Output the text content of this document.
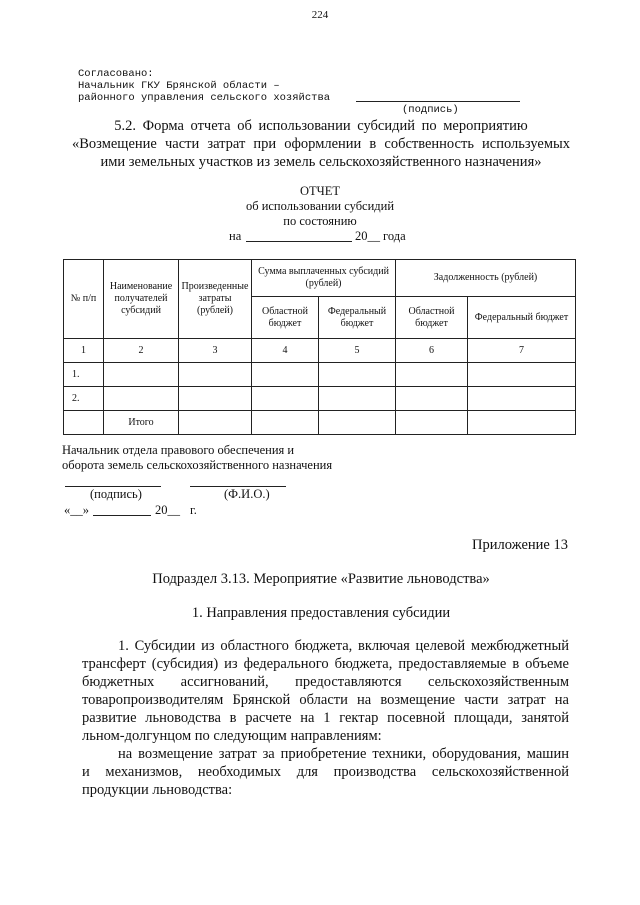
224
Согласовано:
Начальник ГКУ Брянской области –
районного управления сельского хозяйства
(подпись)
5.2. Форма отчета об использовании субсидий по мероприятию
«Возмещение части затрат при оформлении в собственность используемых
ими земельных участков из земель сельскохозяйственного назначения»
ОТЧЕТ
об использовании субсидий
по состоянию
на	20__ года
№ п/п	Наименование получателей субсидий	Произведенные затраты (рублей)	Сумма выплаченных субсидий (рублей)		Задолженность (рублей)	
			Областной бюджет	Федеральный бюджет	Областной бюджет	Федеральный бюджет
1	2	3	4	5	6	7
1.						
2.						
	Итого					
Начальник отдела правового обеспечения и
оборота земель сельскохозяйственного назначения
(подпись)	(Ф.И.О.)
«__»	20__ г.
Приложение 13
Подраздел 3.13. Мероприятие «Развитие льноводства»
1. Направления предоставления субсидии
1. Субсидии из областного бюджета, включая целевой межбюджетный
трансферт (субсидия) из федерального бюджета, предоставляемые в объеме
бюджетных ассигнований, предоставляются сельскохозяйственным
товаропроизводителям Брянской области на возмещение части затрат на
развитие льноводства в расчете на 1 гектар посевной площади, занятой
льном-долгунцом по следующим направлениям:
на возмещение затрат за приобретение техники, оборудования, машин
и механизмов, необходимых для производства сельскохозяйственной
продукции льноводства:
